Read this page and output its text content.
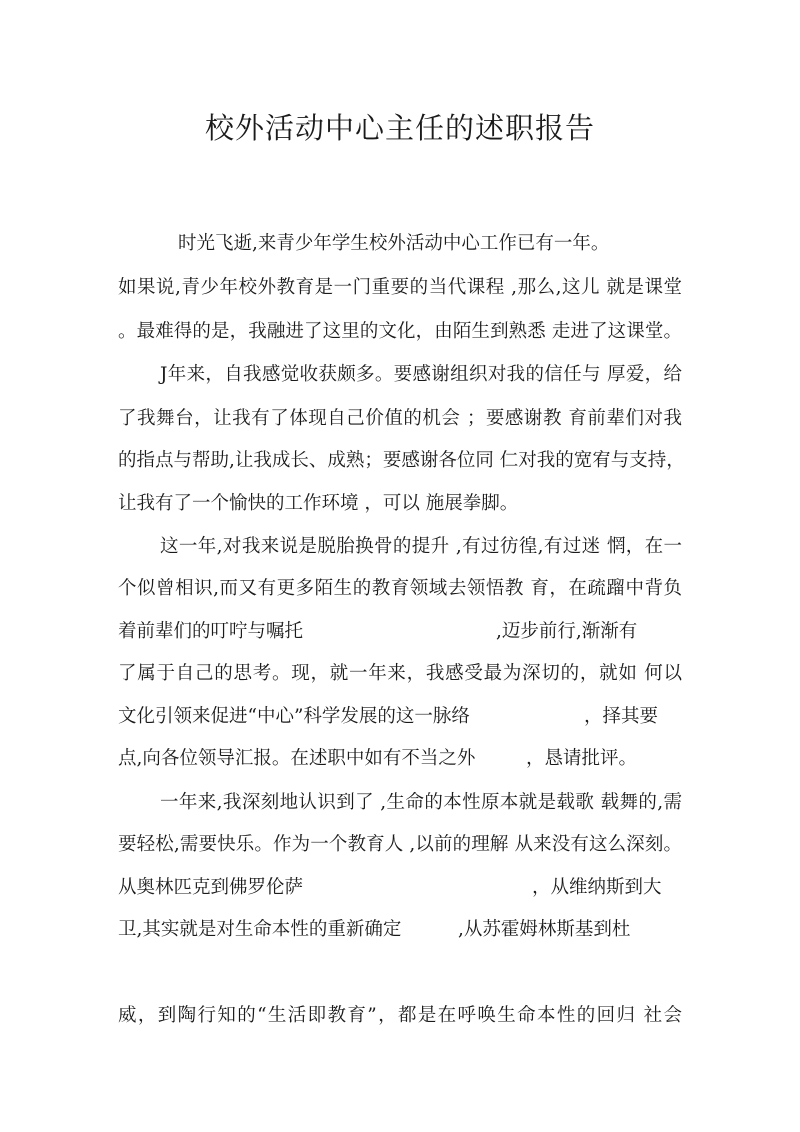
校外活动中心主任的述职报告
时光飞逝,来青少年学生校外活动中心工作已有一年。
如果说,青少年校外教育是一门重要的当代课程 ,那么,这儿 就是课堂
。最难得的是，我融进了这里的文化，由陌生到熟悉 走进了这课堂。
J年来，自我感觉收获颇多。要感谢组织对我的信任与 厚爱，给
了我舞台，让我有了体现自己价值的机会 ；要感谢教 育前辈们对我
的指点与帮助,让我成长、成熟；要感谢各位同 仁对我的宽宥与支持，
让我有了一个愉快的工作环境 ，可以 施展拳脚。
这一年,对我来说是脱胎换骨的提升 ,有过彷徨,有过迷 惘，在一
个似曾相识,而又有更多陌生的教育领域去领悟教 育，在疏蹓中背负
着前辈们的叮咛与嘱托	,迈步前行,渐渐有
了属于自己的思考。现，就一年来，我感受最为深切的，就如 何以
文化引领来促进“中心”科学发展的这一脉络	，择其要
点,向各位领导汇报。在述职中如有不当之外	，恳请批评。
一年来,我深刻地认识到了 ,生命的本性原本就是载歌 载舞的,需
要轻松,需要快乐。作为一个教育人 ,以前的理解 从来没有这么深刻。
从奥林匹克到佛罗伦萨	，从维纳斯到大
卫,其实就是对生命本性的重新确定	,从苏霍姆林斯基到杜
威，到陶行知的“生活即教育”，都是在呼唤生命本性的回归 社会
